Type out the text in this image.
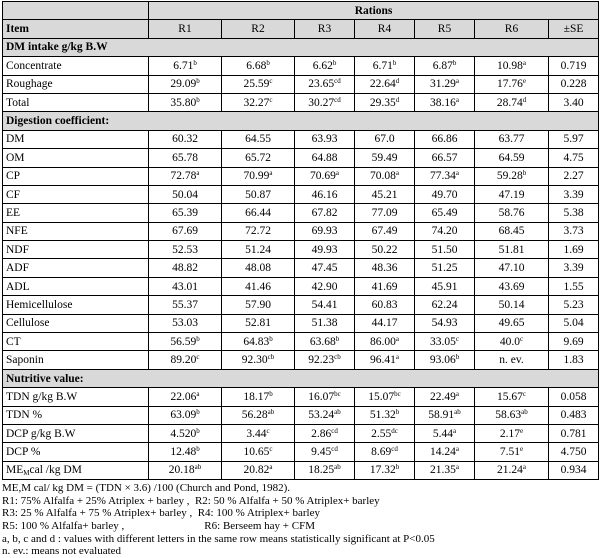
	Rations						
Item	R1	R2	R3	R4	R5	R6	±SE
DM intake g/kg B.W							
Concentrate	6.71$^b$	6.68$^b$	6.62$^b$	6.71$^b$	6.87$^b$	10.98$^a$	0.719
Roughage	29.09$^b$	25.59$^c$	23.65$^{cd}$	22.64$^d$	31.29$^a$	17.76e	0.228
Total	35.80$^b$	32.27$^c$	30.27$^{cd}$	29.35$^d$	38.16$^a$	28.74$^d$	3.40
Digestion coefficient:							
DM	60.32	64.55	63.93	67.0	66.86	63.77	5.97
OM	65.78	65.72	64.88	59.49	66.57	64.59	4.75
CP	72.78$^a$	70.99$^a$	70.69$^a$	70.08$^a$	77.34$^a$	59.28$^b$	2.27
CF	50.04	50.87	46.16	45.21	49.70	47.19	3.39
EE	65.39	66.44	67.82	77.09	65.49	58.76	5.38
NFE	67.69	72.72	69.93	67.49	74.20	68.45	3.73
NDF	52.53	51.24	49.93	50.22	51.50	51.81	1.69
ADF	48.82	48.08	47.45	48.36	51.25	47.10	3.39
ADL	43.01	41.46	42.90	41.69	45.91	43.69	1.55
Hemicellulose	55.37	57.90	54.41	60.83	62.24	50.14	5.23
Cellulose	53.03	52.81	51.38	44.17	54.93	49.65	5.04
CT	56.59$^b$	64.83$^b$	63.68$^b$	86.00$^a$	33.05$^c$	40.0$^c$	9.69
Saponin	89.20$^c$	92.30$^{cb}$	92.23$^{cb}$	96.41$^a$	93.06$^b$	n. ev.	1.83
Nutritive value:							
TDN g/kg B.W	22.06$^a$	18.17$^b$	16.07$^{bc}$	15.07$^{bc}$	22.49$^a$	15.67$^c$	0.058
TDN %	63.09$^b$	56.28$^{ab}$	53.24$^{ab}$	51.32$^b$	58.91$^{ab}$	58.63$^{ab}$	0.483
DCP g/kg B.W	4.520$^b$	3.44$^c$	2.86$^{cd}$	2.55$^{dc}$	5.44$^a$	2.17e	0.781
DCP %	12.48$^b$	10.65$^c$	9.45$^{cd}$	8.69$^{cd}$	14.24$^a$	7.51e	4.750
$ME_Mcal$ /kg DM	20.18$^{ab}$	20.82$^a$	18.25$^{ab}$	17.32$^b$	21.35$^a$	21.24$^a$	0.934
ME,M cal/ kg DM = (TDN × 3.6) /100 (Church and Pond, 1982).
R1: 75% Alfalfa + 25% Atriplex + barley , R2: 50 % Alfalfa + 50 % Atriplex+ barley
R3: 25 % Alfalfa + 75 % Atriplex+ barley , R4: 100 % Atriplex+ barley
R5: 100 % Alfalfa+ barley ,	R6: Berseem hay + CFM
a, b, c and d : values with different letters in the same row means statistically significant at P<0.05
n. ev.: means not evaluated
